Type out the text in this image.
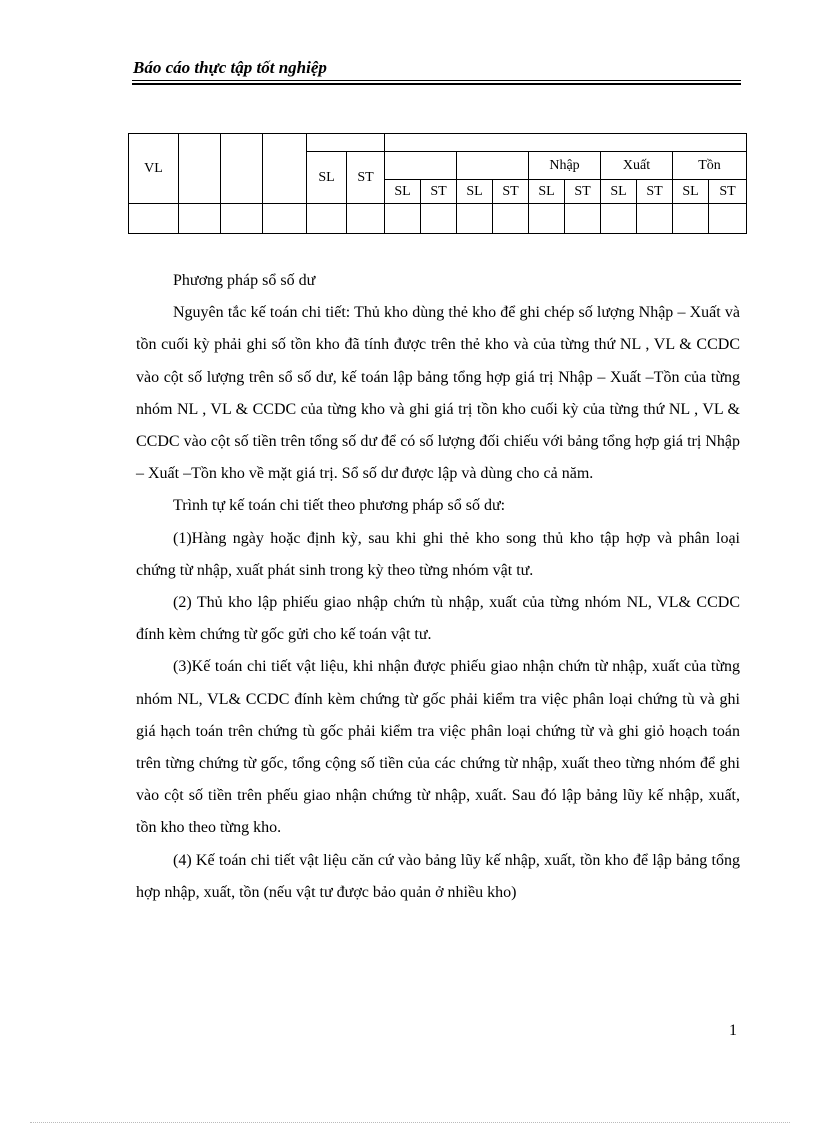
Báo cáo thực tập tốt nghiệp
VL															
				SL	ST					Nhập		Xuất		Tồn	
						SL	ST	SL	ST	SL	ST	SL	ST	SL	ST

Phương pháp sổ số dư

Nguyên tắc kế toán chi tiết: Thủ kho dùng thẻ kho để ghi chép số lượng Nhập – Xuất và tồn cuối kỳ phải ghi số tồn kho đã tính được trên thẻ kho và của từng thứ NL , VL & CCDC vào cột số lượng trên sổ số dư, kế toán lập bảng tổng hợp giá trị Nhập – Xuất –Tồn của từng nhóm NL , VL & CCDC của từng kho và ghi giá trị tồn kho cuối kỳ của từng thứ NL , VL & CCDC vào cột số tiền trên tổng số dư để có số lượng đối chiếu với bảng tổng hợp giá trị Nhập – Xuất –Tồn kho về mặt giá trị. Sổ số dư được lập và dùng cho cả năm.

Trình tự kế toán chi tiết theo phương pháp sổ số dư:

(1)Hàng ngày hoặc định kỳ, sau khi ghi thẻ kho song thủ kho tập hợp và phân loại chứng từ nhập, xuất phát sinh trong kỳ theo từng nhóm vật tư.

(2) Thủ kho lập phiếu giao nhập chứn tù nhập, xuất của từng nhóm NL, VL& CCDC đính kèm chứng từ gốc gửi cho kế toán vật tư.

(3)Kế toán chi tiết vật liệu, khi nhận được phiếu giao nhận chứn từ nhập, xuất của từng nhóm NL, VL& CCDC đính kèm chứng từ gốc phải kiểm tra việc phân loại chứng tù và ghi giá hạch toán trên chứng tù gốc phải kiểm tra việc phân loại chứng từ và ghi giỏ hoạch toán trên từng chứng từ gốc, tổng cộng số tiền của các chứng từ nhập, xuất theo từng nhóm để ghi vào cột số tiền trên phếu giao nhận chứng từ nhập, xuất. Sau đó lập bảng lũy kế nhập, xuất, tồn kho theo từng kho.

(4) Kế toán chi tiết vật liệu căn cứ vào bảng lũy kế nhập, xuất, tồn kho để lập bảng tổng hợp nhập, xuất, tồn (nếu vật tư được bảo quản ở nhiều kho)

1
